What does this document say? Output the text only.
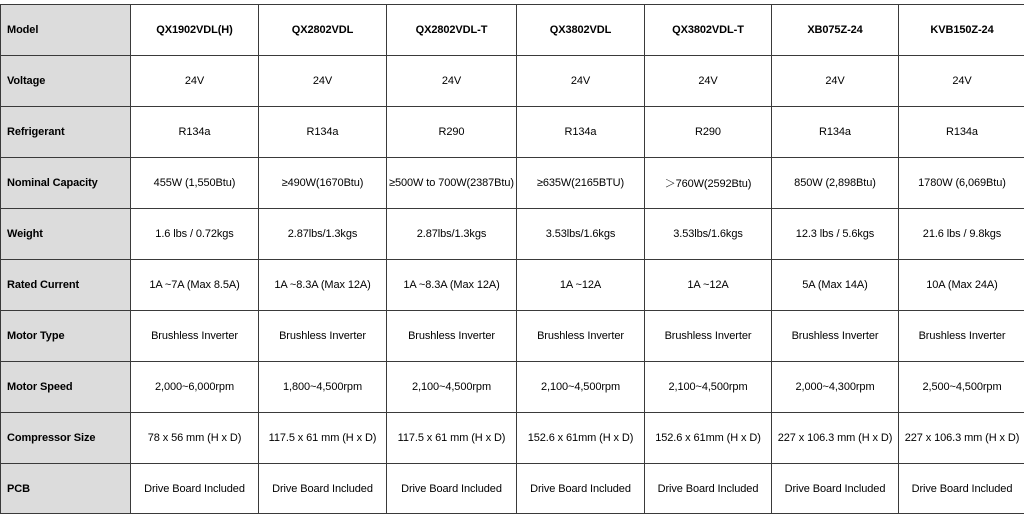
Model	QX1902VDL(H)	QX2802VDL	QX2802VDL-T	QX3802VDL	QX3802VDL-T	XB075Z-24	KVB150Z-24
Voltage	24V	24V	24V	24V	24V	24V	24V
Refrigerant	R134a	R134a	R290	R134a	R290	R134a	R134a
Nominal Capacity	455W (1,550Btu)	≥490W(1670Btu)	≥500W to 700W(2387Btu)	≥635W(2165BTU)	＞760W(2592Btu)	850W (2,898Btu)	1780W (6,069Btu)
Weight	1.6 lbs / 0.72kgs	2.87lbs/1.3kgs	2.87lbs/1.3kgs	3.53lbs/1.6kgs	3.53lbs/1.6kgs	12.3 lbs / 5.6kgs	21.6 lbs / 9.8kgs
Rated Current	1A ~7A (Max 8.5A)	1A ~8.3A (Max 12A)	1A ~8.3A (Max 12A)	1A ~12A	1A ~12A	5A (Max 14A)	10A (Max 24A)
Motor Type	Brushless Inverter	Brushless Inverter	Brushless Inverter	Brushless Inverter	Brushless Inverter	Brushless Inverter	Brushless Inverter
Motor Speed	2,000~6,000rpm	1,800~4,500rpm	2,100~4,500rpm	2,100~4,500rpm	2,100~4,500rpm	2,000~4,300rpm	2,500~4,500rpm
Compressor Size	78 x 56 mm (H x D)	117.5 x 61 mm (H x D)	117.5 x 61 mm (H x D)	152.6 x 61mm (H x D)	152.6 x 61mm (H x D)	227 x 106.3 mm (H x D)	227 x 106.3 mm (H x D)
PCB	Drive Board Included	Drive Board Included	Drive Board Included	Drive Board Included	Drive Board Included	Drive Board Included	Drive Board Included
